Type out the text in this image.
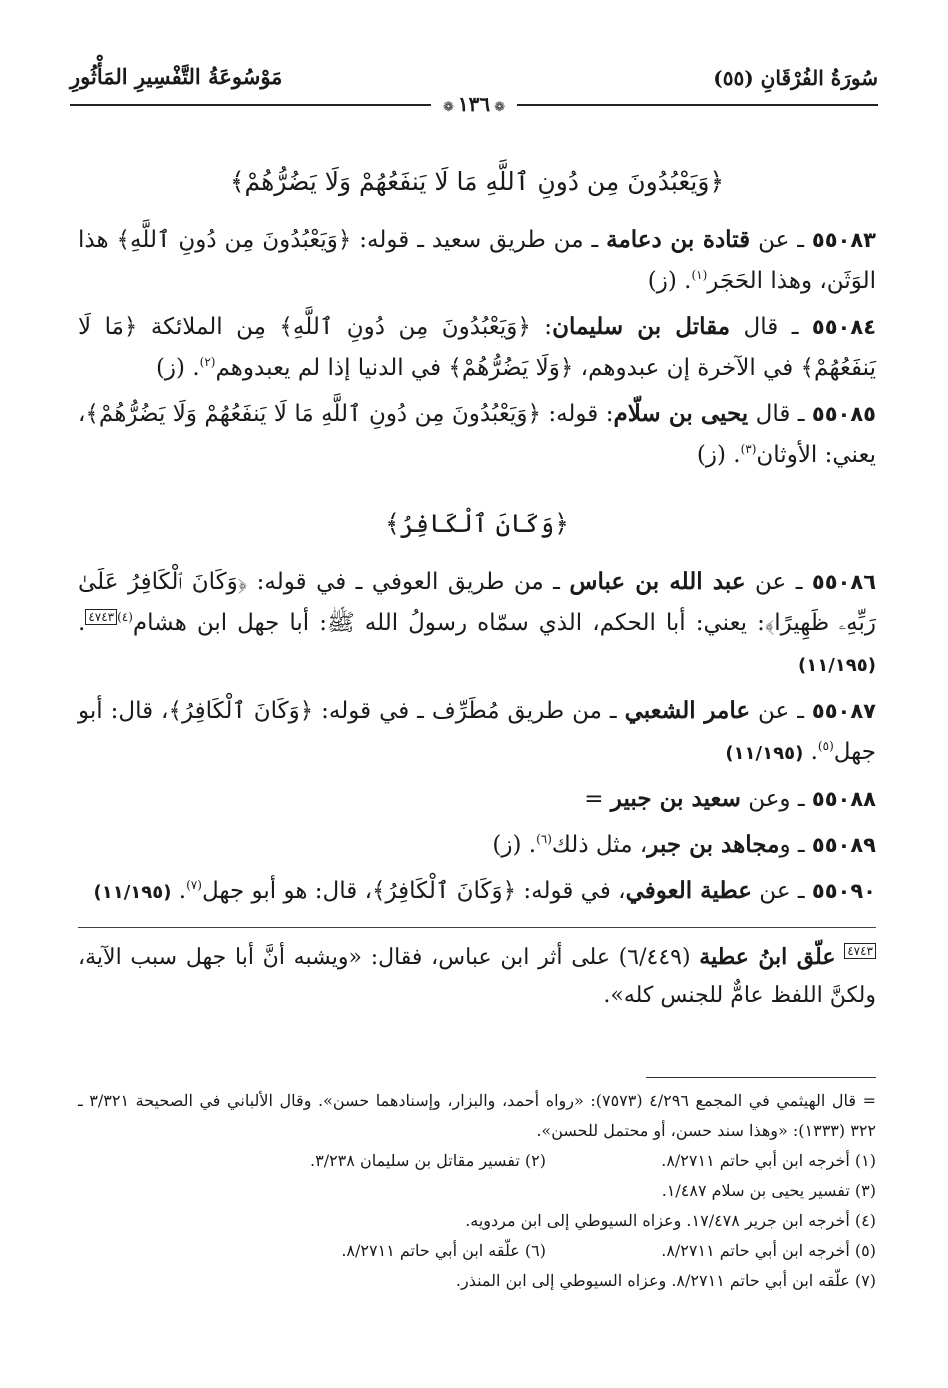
سُورَةُ الفُرْقَانِ (٥٥)
مَوْسُوعَةُ التَّفْسِيرِ المَأْثُورِ
❁١٣٦❁
﴿وَيَعْبُدُونَ مِن دُونِ ٱللَّهِ مَا لَا يَنفَعُهُمْ وَلَا يَضُرُّهُمْ﴾

٥٥٠٨٣ ـ عن قتادة بن دعامة ـ من طريق سعيد ـ قوله: ﴿وَيَعْبُدُونَ مِن دُونِ ٱللَّهِ﴾ هذا الوَثَن، وهذا الحَجَر$^{(١)}$. (ز)

٥٥٠٨٤ ـ قال مقاتل بن سليمان: ﴿وَيَعْبُدُونَ مِن دُونِ ٱللَّهِ﴾ مِن الملائكة ﴿مَا لَا يَنفَعُهُمْ﴾ في الآخرة إن عبدوهم، ﴿وَلَا يَضُرُّهُمْ﴾ في الدنيا إذا لم يعبدوهم$^{(٢)}$. (ز)

٥٥٠٨٥ ـ قال يحيى بن سلّام: قوله: ﴿وَيَعْبُدُونَ مِن دُونِ ٱللَّهِ مَا لَا يَنفَعُهُمْ وَلَا يَضُرُّهُمْ﴾، يعني: الأوثان$^{(٣)}$. (ز)

﴿وَكَانَ ٱلْكَافِرُ﴾

٥٥٠٨٦ ـ عن عبد الله بن عباس ـ من طريق العوفي ـ في قوله: ﴿وَكَانَ ٱلْكَافِرُ عَلَىٰ رَبِّهِۦ ظَهِيرًا﴾: يعني: أبا الحكم، الذي سمّاه رسولُ الله ﷺ: أبا جهل ابن هشام$^{(٤)}$٤٧٤٣. (١١/١٩٥)

٥٥٠٨٧ ـ عن عامر الشعبي ـ من طريق مُطَرِّف ـ في قوله: ﴿وَكَانَ ٱلْكَافِرُ﴾، قال: أبو جهل$^{(٥)}$. (١١/١٩٥)

٥٥٠٨٨ ـ وعن سعيد بن جبير =

٥٥٠٨٩ ـ ومجاهد بن جبر، مثل ذلك$^{(٦)}$. (ز)

٥٥٠٩٠ ـ عن عطية العوفي، في قوله: ﴿وَكَانَ ٱلْكَافِرُ﴾، قال: هو أبو جهل$^{(٧)}$. (١١/١٩٥)

٤٧٤٣ علّق ابنُ عطية (٦/٤٤٩) على أثر ابن عباس، فقال: «ويشبه أنَّ أبا جهل سبب الآية، ولكنَّ اللفظ عامٌّ للجنس كله».

= قال الهيثمي في المجمع ٤/٢٩٦ (٧٥٧٣): «رواه أحمد، والبزار، وإسنادهما حسن». وقال الألباني في الصحيحة ٣/٣٢١ ـ ٣٢٢ (١٣٣٣): «وهذا سند حسن، أو محتمل للحسن».
(١) أخرجه ابن أبي حاتم ٨/٢٧١١.
(٢) تفسير مقاتل بن سليمان ٣/٢٣٨.
(٣) تفسير يحيى بن سلام ١/٤٨٧.
(٤) أخرجه ابن جرير ١٧/٤٧٨. وعزاه السيوطي إلى ابن مردويه.
(٥) أخرجه ابن أبي حاتم ٨/٢٧١١.
(٦) علّقه ابن أبي حاتم ٨/٢٧١١.
(٧) علّقه ابن أبي حاتم ٨/٢٧١١. وعزاه السيوطي إلى ابن المنذر.
